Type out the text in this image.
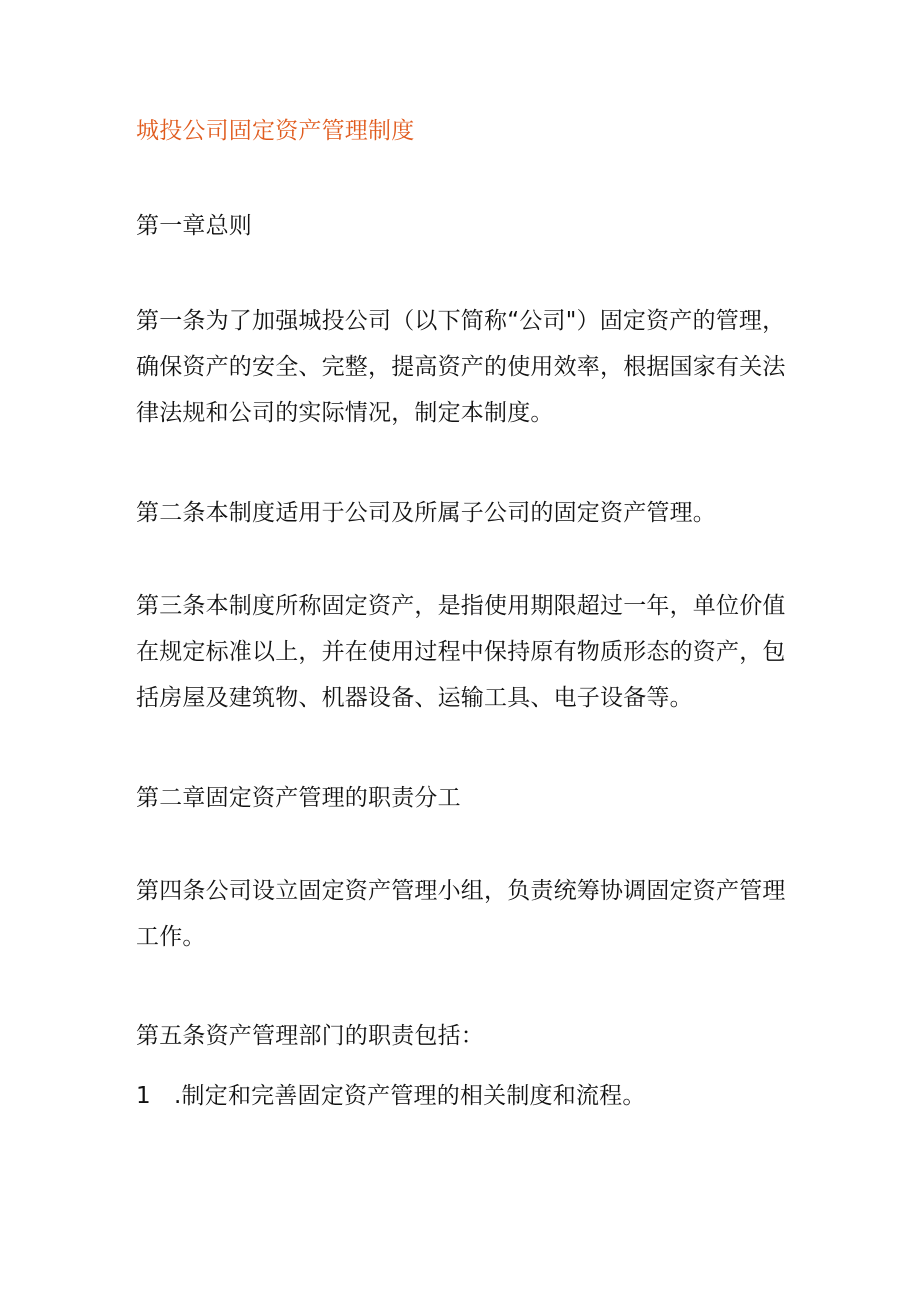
城投公司固定资产管理制度

第一章总则

第一条为了加强城投公司（以下简称“公司"）固定资产的管理，
确保资产的安全、完整，提高资产的使用效率，根据国家有关法
律法规和公司的实际情况，制定本制度。

第二条本制度适用于公司及所属子公司的固定资产管理。

第三条本制度所称固定资产，是指使用期限超过一年，单位价值
在规定标准以上，并在使用过程中保持原有物质形态的资产，包
括房屋及建筑物、机器设备、运输工具、电子设备等。

第二章固定资产管理的职责分工

第四条公司设立固定资产管理小组，负责统筹协调固定资产管理
工作。

第五条资产管理部门的职责包括：

1　.制定和完善固定资产管理的相关制度和流程。
